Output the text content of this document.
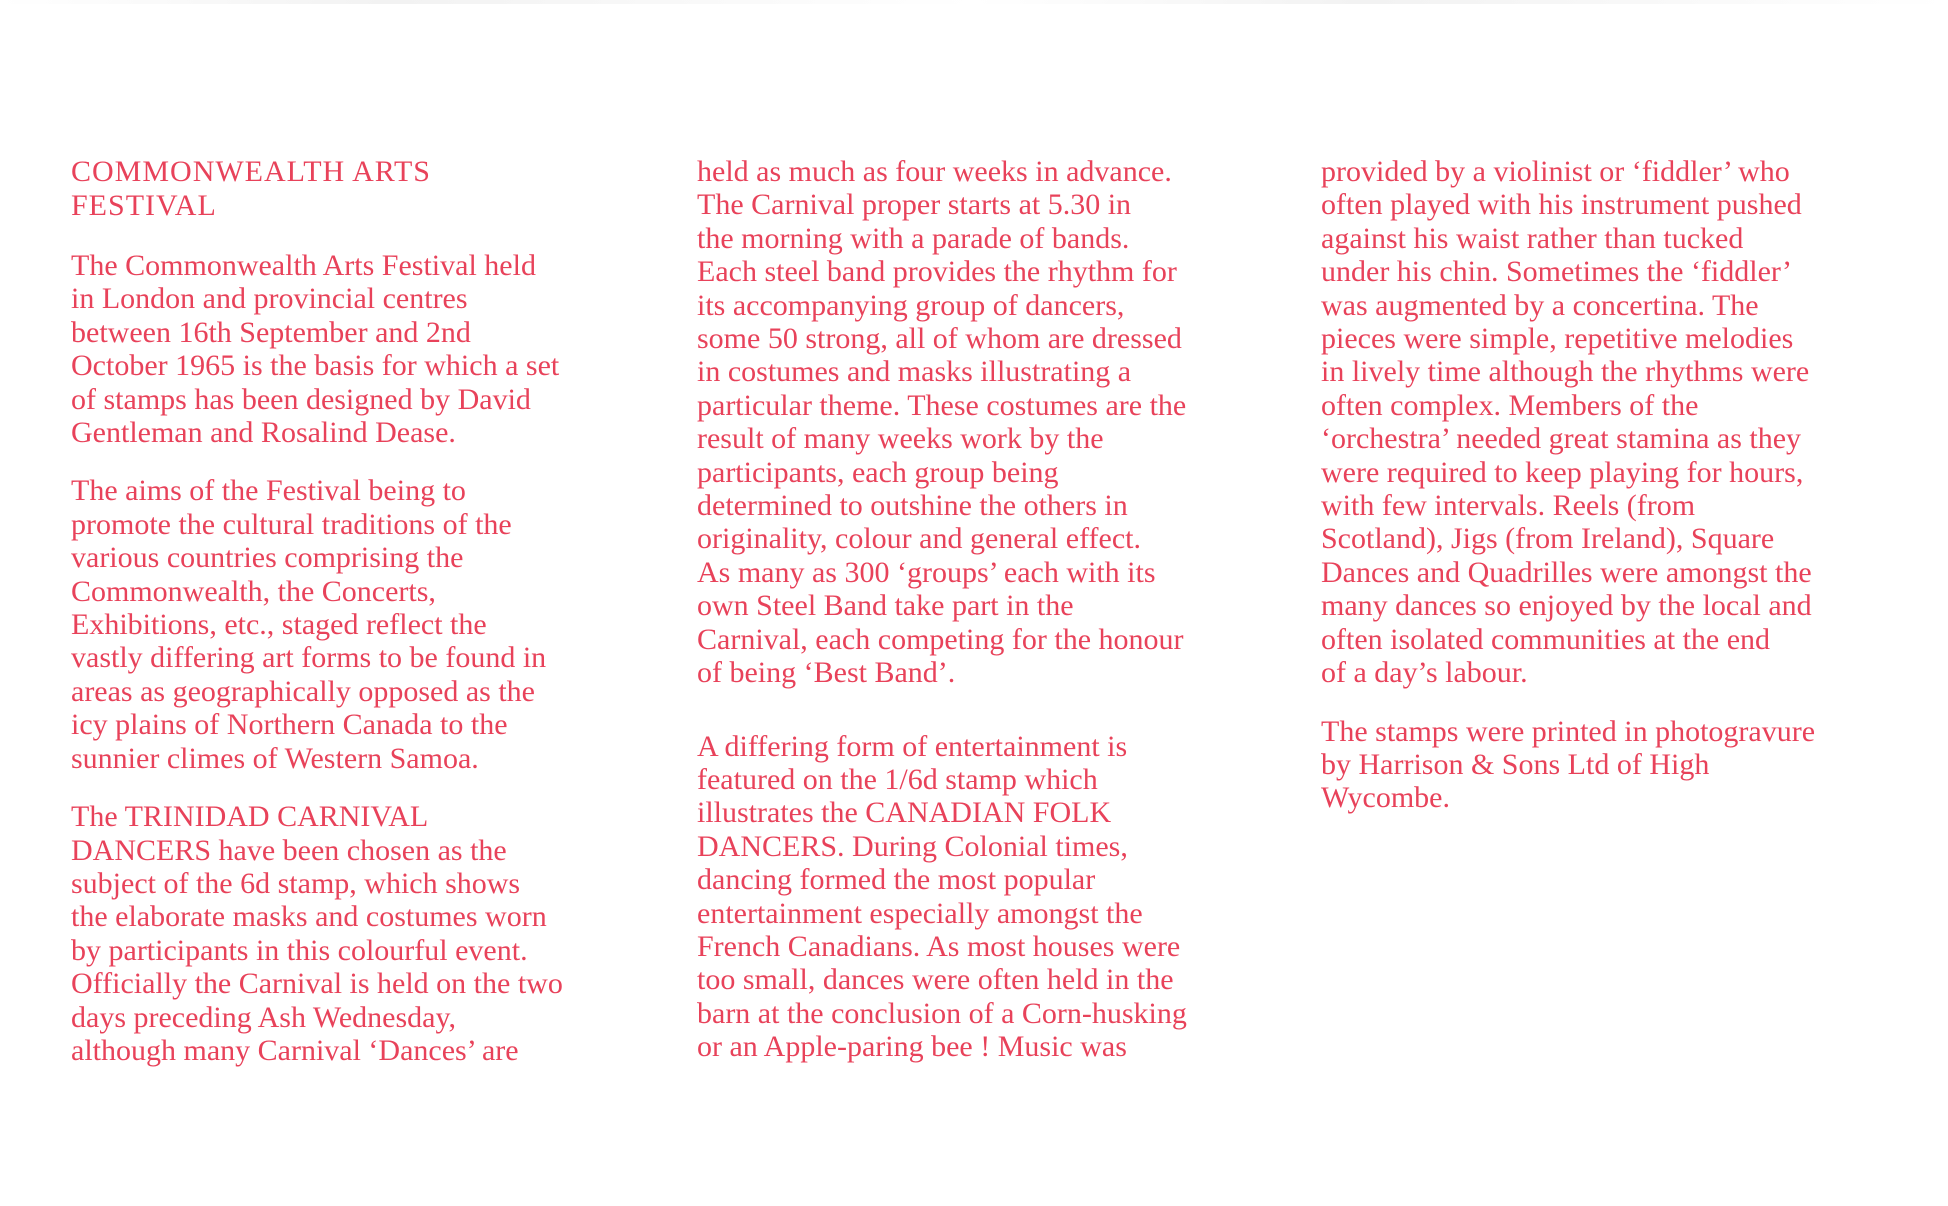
COMMONWEALTH ARTS
FESTIVAL

The Commonwealth Arts Festival held
in London and provincial centres
between 16th September and 2nd
October 1965 is the basis for which a set
of stamps has been designed by David
Gentleman and Rosalind Dease.

The aims of the Festival being to
promote the cultural traditions of the
various countries comprising the
Commonwealth, the Concerts,
Exhibitions, etc., staged reflect the
vastly differing art forms to be found in
areas as geographically opposed as the
icy plains of Northern Canada to the
sunnier climes of Western Samoa.

The TRINIDAD CARNIVAL
DANCERS have been chosen as the
subject of the 6d stamp, which shows
the elaborate masks and costumes worn
by participants in this colourful event.
Officially the Carnival is held on the two
days preceding Ash Wednesday,
although many Carnival ‘Dances’ are

held as much as four weeks in advance.
The Carnival proper starts at 5.30 in
the morning with a parade of bands.
Each steel band provides the rhythm for
its accompanying group of dancers,
some 50 strong, all of whom are dressed
in costumes and masks illustrating a
particular theme. These costumes are the
result of many weeks work by the
participants, each group being
determined to outshine the others in
originality, colour and general effect.
As many as 300 ‘groups’ each with its
own Steel Band take part in the
Carnival, each competing for the honour
of being ‘Best Band’.

A differing form of entertainment is
featured on the 1/6d stamp which
illustrates the CANADIAN FOLK
DANCERS. During Colonial times,
dancing formed the most popular
entertainment especially amongst the
French Canadians. As most houses were
too small, dances were often held in the
barn at the conclusion of a Corn-husking
or an Apple-paring bee ! Music was

provided by a violinist or ‘fiddler’ who
often played with his instrument pushed
against his waist rather than tucked
under his chin. Sometimes the ‘fiddler’
was augmented by a concertina. The
pieces were simple, repetitive melodies
in lively time although the rhythms were
often complex. Members of the
‘orchestra’ needed great stamina as they
were required to keep playing for hours,
with few intervals. Reels (from
Scotland), Jigs (from Ireland), Square
Dances and Quadrilles were amongst the
many dances so enjoyed by the local and
often isolated communities at the end
of a day’s labour.

The stamps were printed in photogravure
by Harrison & Sons Ltd of High
Wycombe.
